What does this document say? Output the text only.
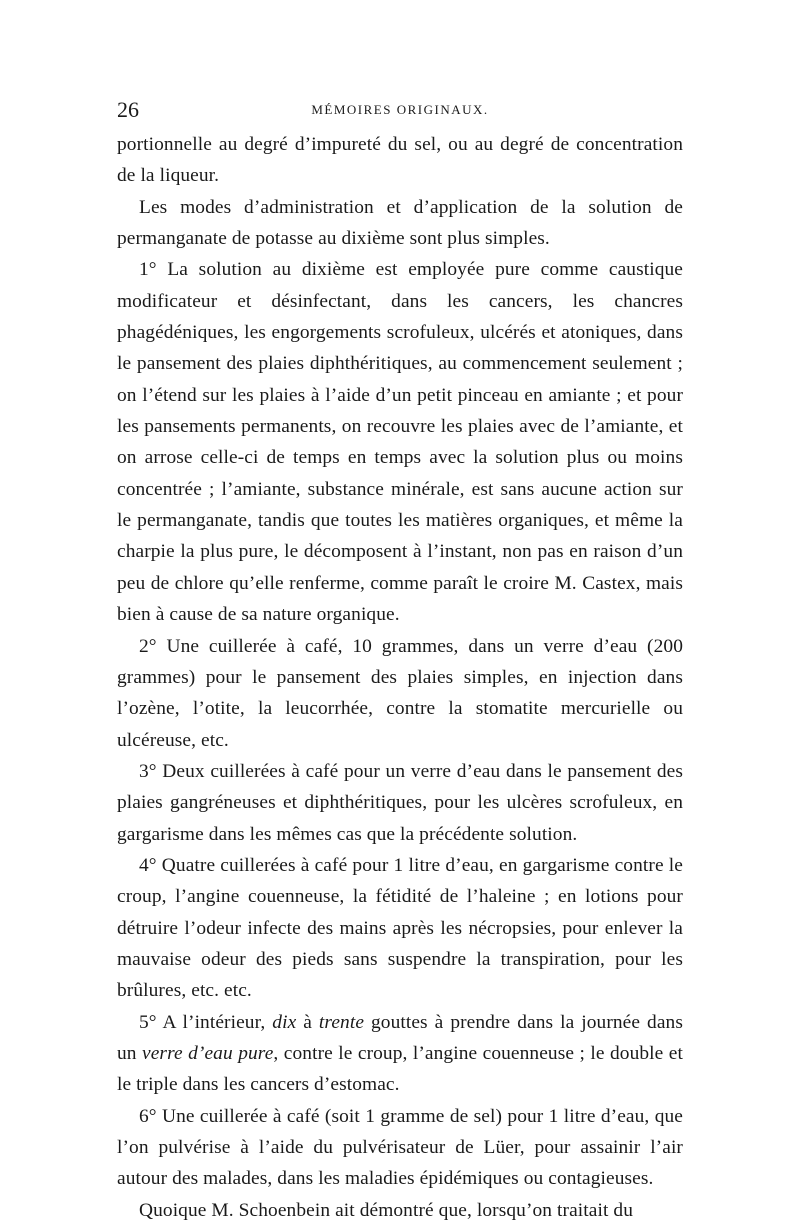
26	MÉMOIRES ORIGINAUX.

portionnelle au degré d’impureté du sel, ou au degré de concentration de la liqueur.

Les modes d’administration et d’application de la solution de permanganate de potasse au dixième sont plus simples.

1° La solution au dixième est employée pure comme caustique modificateur et désinfectant, dans les cancers, les chancres phagédéniques, les engorgements scrofuleux, ulcérés et atoniques, dans le pansement des plaies diphthéritiques, au commencement seulement ; on l’étend sur les plaies à l’aide d’un petit pinceau en amiante ; et pour les pansements permanents, on recouvre les plaies avec de l’amiante, et on arrose celle-ci de temps en temps avec la solution plus ou moins concentrée ; l’amiante, substance minérale, est sans aucune action sur le permanganate, tandis que toutes les matières organiques, et même la charpie la plus pure, le décomposent à l’instant, non pas en raison d’un peu de chlore qu’elle renferme, comme paraît le croire M. Castex, mais bien à cause de sa nature organique.

2° Une cuillerée à café, 10 grammes, dans un verre d’eau (200 grammes) pour le pansement des plaies simples, en injection dans l’ozène, l’otite, la leucorrhée, contre la stomatite mercurielle ou ulcéreuse, etc.

3° Deux cuillerées à café pour un verre d’eau dans le pansement des plaies gangréneuses et diphthéritiques, pour les ulcères scrofuleux, en gargarisme dans les mêmes cas que la précédente solution.

4° Quatre cuillerées à café pour 1 litre d’eau, en gargarisme contre le croup, l’angine couenneuse, la fétidité de l’haleine ; en lotions pour détruire l’odeur infecte des mains après les nécropsies, pour enlever la mauvaise odeur des pieds sans suspendre la transpiration, pour les brûlures, etc. etc.

5° A l’intérieur, dix à trente gouttes à prendre dans la journée dans un verre d’eau pure, contre le croup, l’angine couenneuse ; le double et le triple dans les cancers d’estomac.

6° Une cuillerée à café (soit 1 gramme de sel) pour 1 litre d’eau, que l’on pulvérise à l’aide du pulvérisateur de Lüer, pour assainir l’air autour des malades, dans les maladies épidémiques ou contagieuses.

Quoique M. Schoenbein ait démontré que, lorsqu’on traitait du
